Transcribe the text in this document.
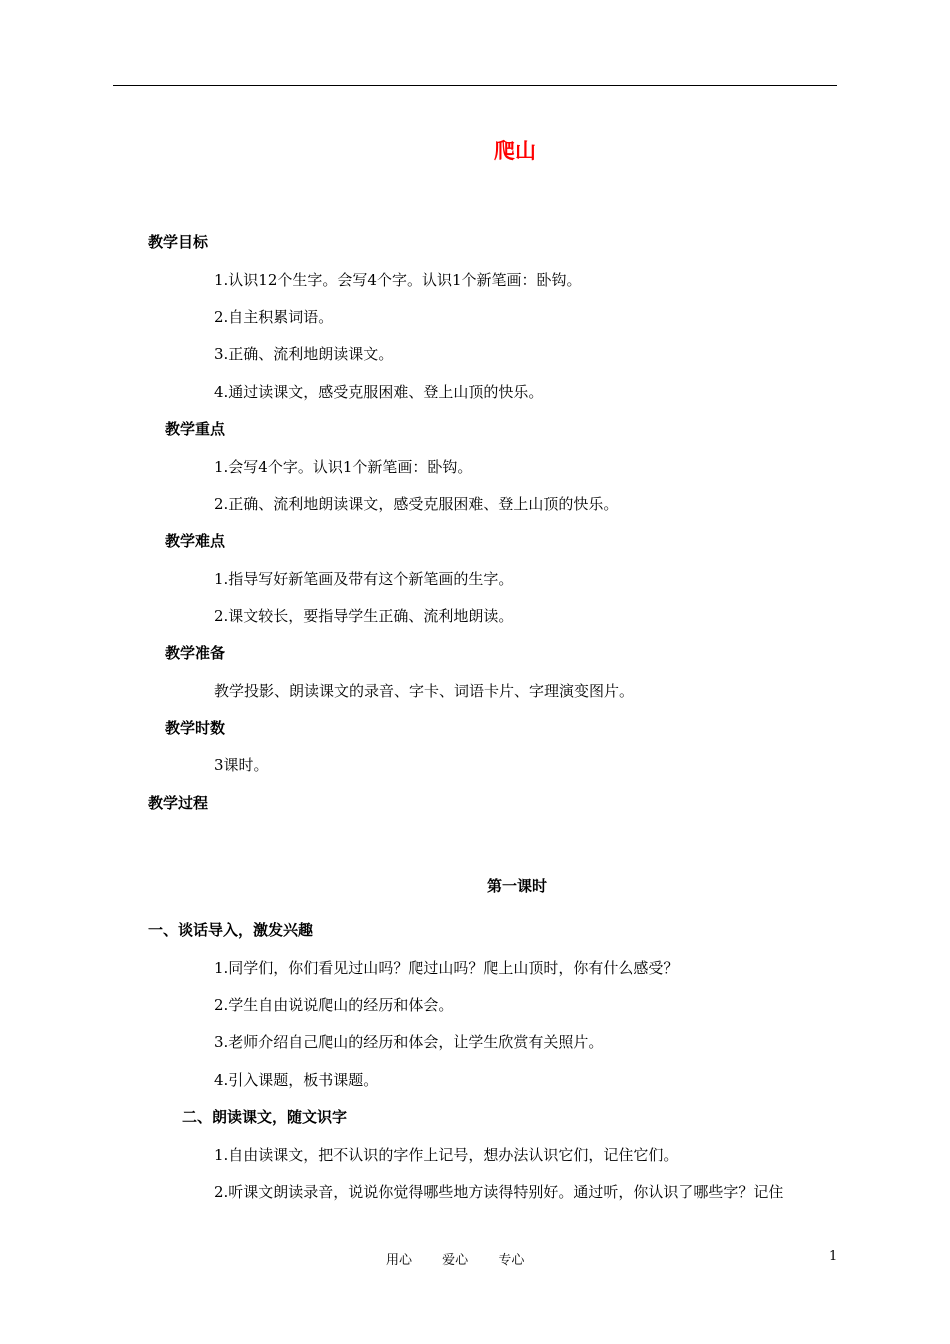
爬山
教学目标
1.认识12个生字。会写4个字。认识1个新笔画：卧钩。
2.自主积累词语。
3.正确、流利地朗读课文。
4.通过读课文，感受克服困难、登上山顶的快乐。
教学重点
1.会写4个字。认识1个新笔画：卧钩。
2.正确、流利地朗读课文，感受克服困难、登上山顶的快乐。
教学难点
1.指导写好新笔画及带有这个新笔画的生字。
2.课文较长，要指导学生正确、流利地朗读。
教学准备
教学投影、朗读课文的录音、字卡、词语卡片、字理演变图片。
教学时数
3课时。
教学过程
第一课时
一、谈话导入，激发兴趣
1.同学们，你们看见过山吗？爬过山吗？爬上山顶时，你有什么感受？
2.学生自由说说爬山的经历和体会。
3.老师介绍自己爬山的经历和体会，让学生欣赏有关照片。
4.引入课题，板书课题。
二、朗读课文，随文识字
1.自由读课文，把不认识的字作上记号，想办法认识它们，记住它们。
2.听课文朗读录音，说说你觉得哪些地方读得特别好。通过听，你认识了哪些字？记住
用心 爱心 专心	1
